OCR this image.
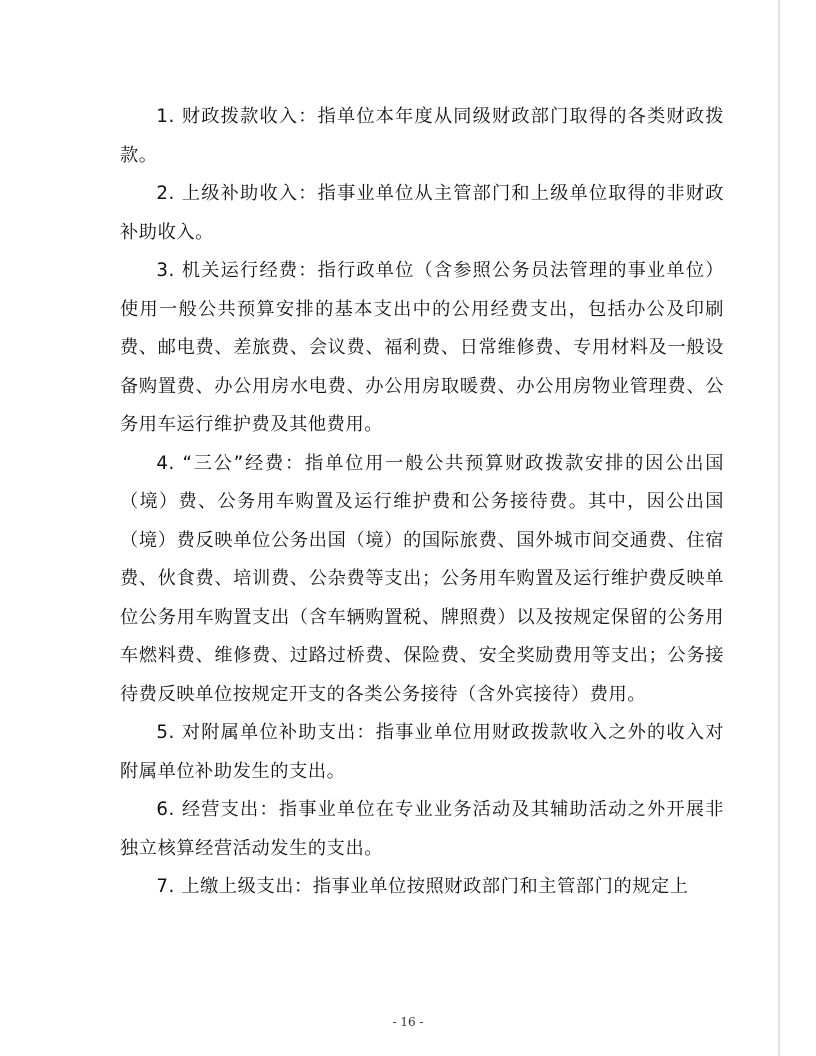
1. 财政拨款收入：指单位本年度从同级财政部门取得的各类财政拨款。

2. 上级补助收入：指事业单位从主管部门和上级单位取得的非财政补助收入。

3. 机关运行经费：指行政单位（含参照公务员法管理的事业单位）使用一般公共预算安排的基本支出中的公用经费支出，包括办公及印刷费、邮电费、差旅费、会议费、福利费、日常维修费、专用材料及一般设备购置费、办公用房水电费、办公用房取暖费、办公用房物业管理费、公务用车运行维护费及其他费用。

4. “三公”经费：指单位用一般公共预算财政拨款安排的因公出国（境）费、公务用车购置及运行维护费和公务接待费。其中，因公出国（境）费反映单位公务出国（境）的国际旅费、国外城市间交通费、住宿费、伙食费、培训费、公杂费等支出；公务用车购置及运行维护费反映单位公务用车购置支出（含车辆购置税、牌照费）以及按规定保留的公务用车燃料费、维修费、过路过桥费、保险费、安全奖励费用等支出；公务接待费反映单位按规定开支的各类公务接待（含外宾接待）费用。

5. 对附属单位补助支出：指事业单位用财政拨款收入之外的收入对附属单位补助发生的支出。

6. 经营支出：指事业单位在专业业务活动及其辅助活动之外开展非独立核算经营活动发生的支出。

7. 上缴上级支出：指事业单位按照财政部门和主管部门的规定上

- 16 -
